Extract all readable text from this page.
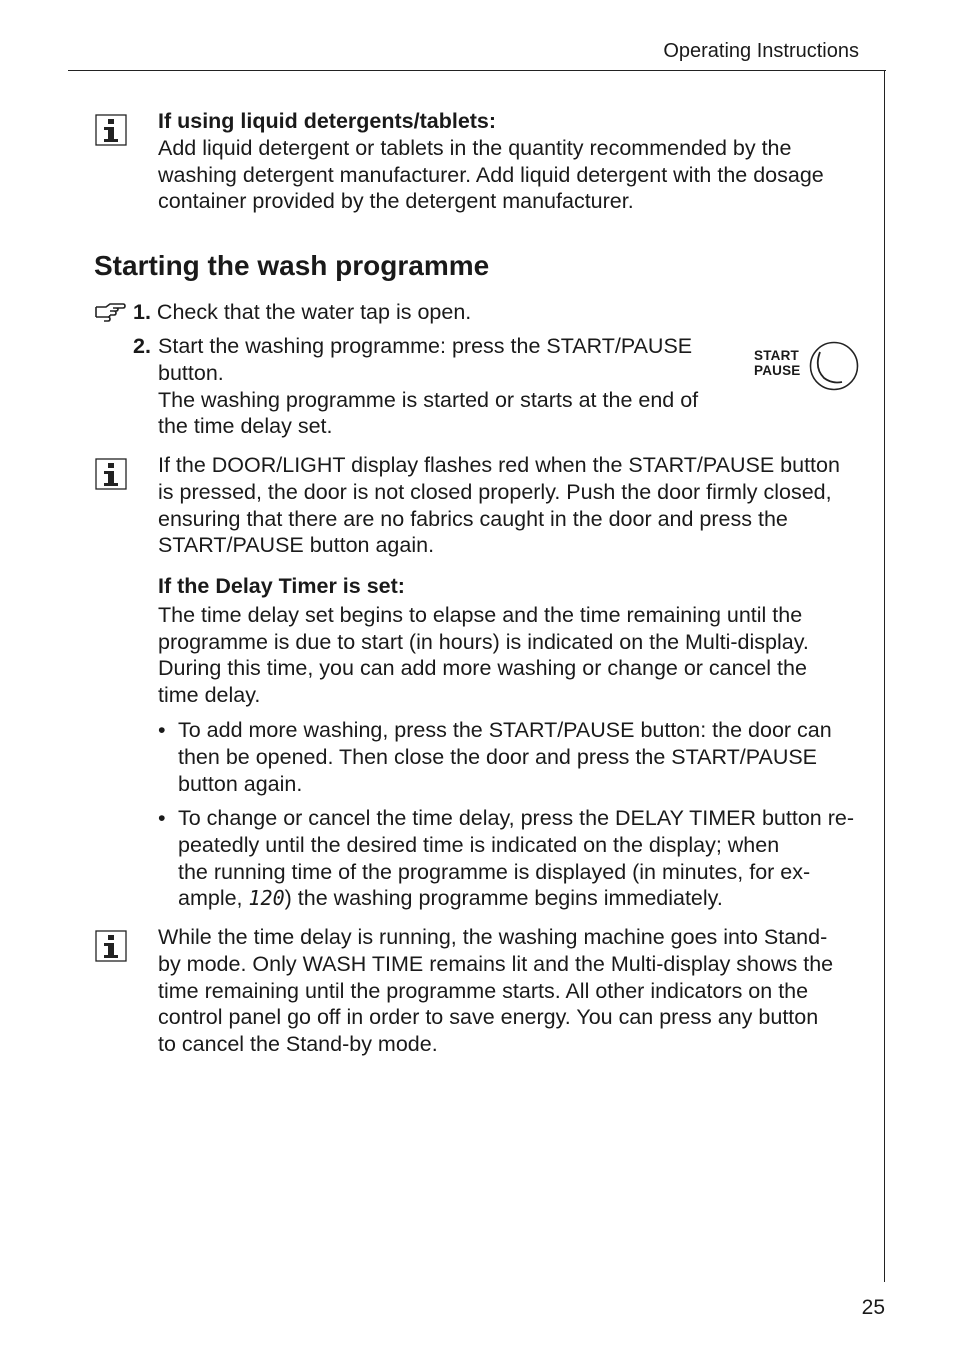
Operating Instructions
If using liquid detergents/tablets:
Add liquid detergent or tablets in the quantity recommended by the
washing detergent manufacturer. Add liquid detergent with the dosage
container provided by the detergent manufacturer.
Starting the wash programme
1. Check that the water tap is open.
2. Start the washing programme: press the START/PAUSE
button.
The washing programme is started or starts at the end of
the time delay set.
START
PAUSE
If the DOOR/LIGHT display flashes red when the START/PAUSE button
is pressed, the door is not closed properly. Push the door firmly closed,
ensuring that there are no fabrics caught in the door and press the
START/PAUSE button again.
If the Delay Timer is set:
The time delay set begins to elapse and the time remaining until the
programme is due to start (in hours) is indicated on the Multi-display.
During this time, you can add more washing or change or cancel the
time delay.
• To add more washing, press the START/PAUSE button: the door can
then be opened. Then close the door and press the START/PAUSE
button again.
• To change or cancel the time delay, press the DELAY TIMER button re-
peatedly until the desired time is indicated on the display; when
the running time of the programme is displayed (in minutes, for ex-
ample, 120) the washing programme begins immediately.
While the time delay is running, the washing machine goes into Stand-
by mode. Only WASH TIME remains lit and the Multi-display shows the
time remaining until the programme starts. All other indicators on the
control panel go off in order to save energy. You can press any button
to cancel the Stand-by mode.
25
